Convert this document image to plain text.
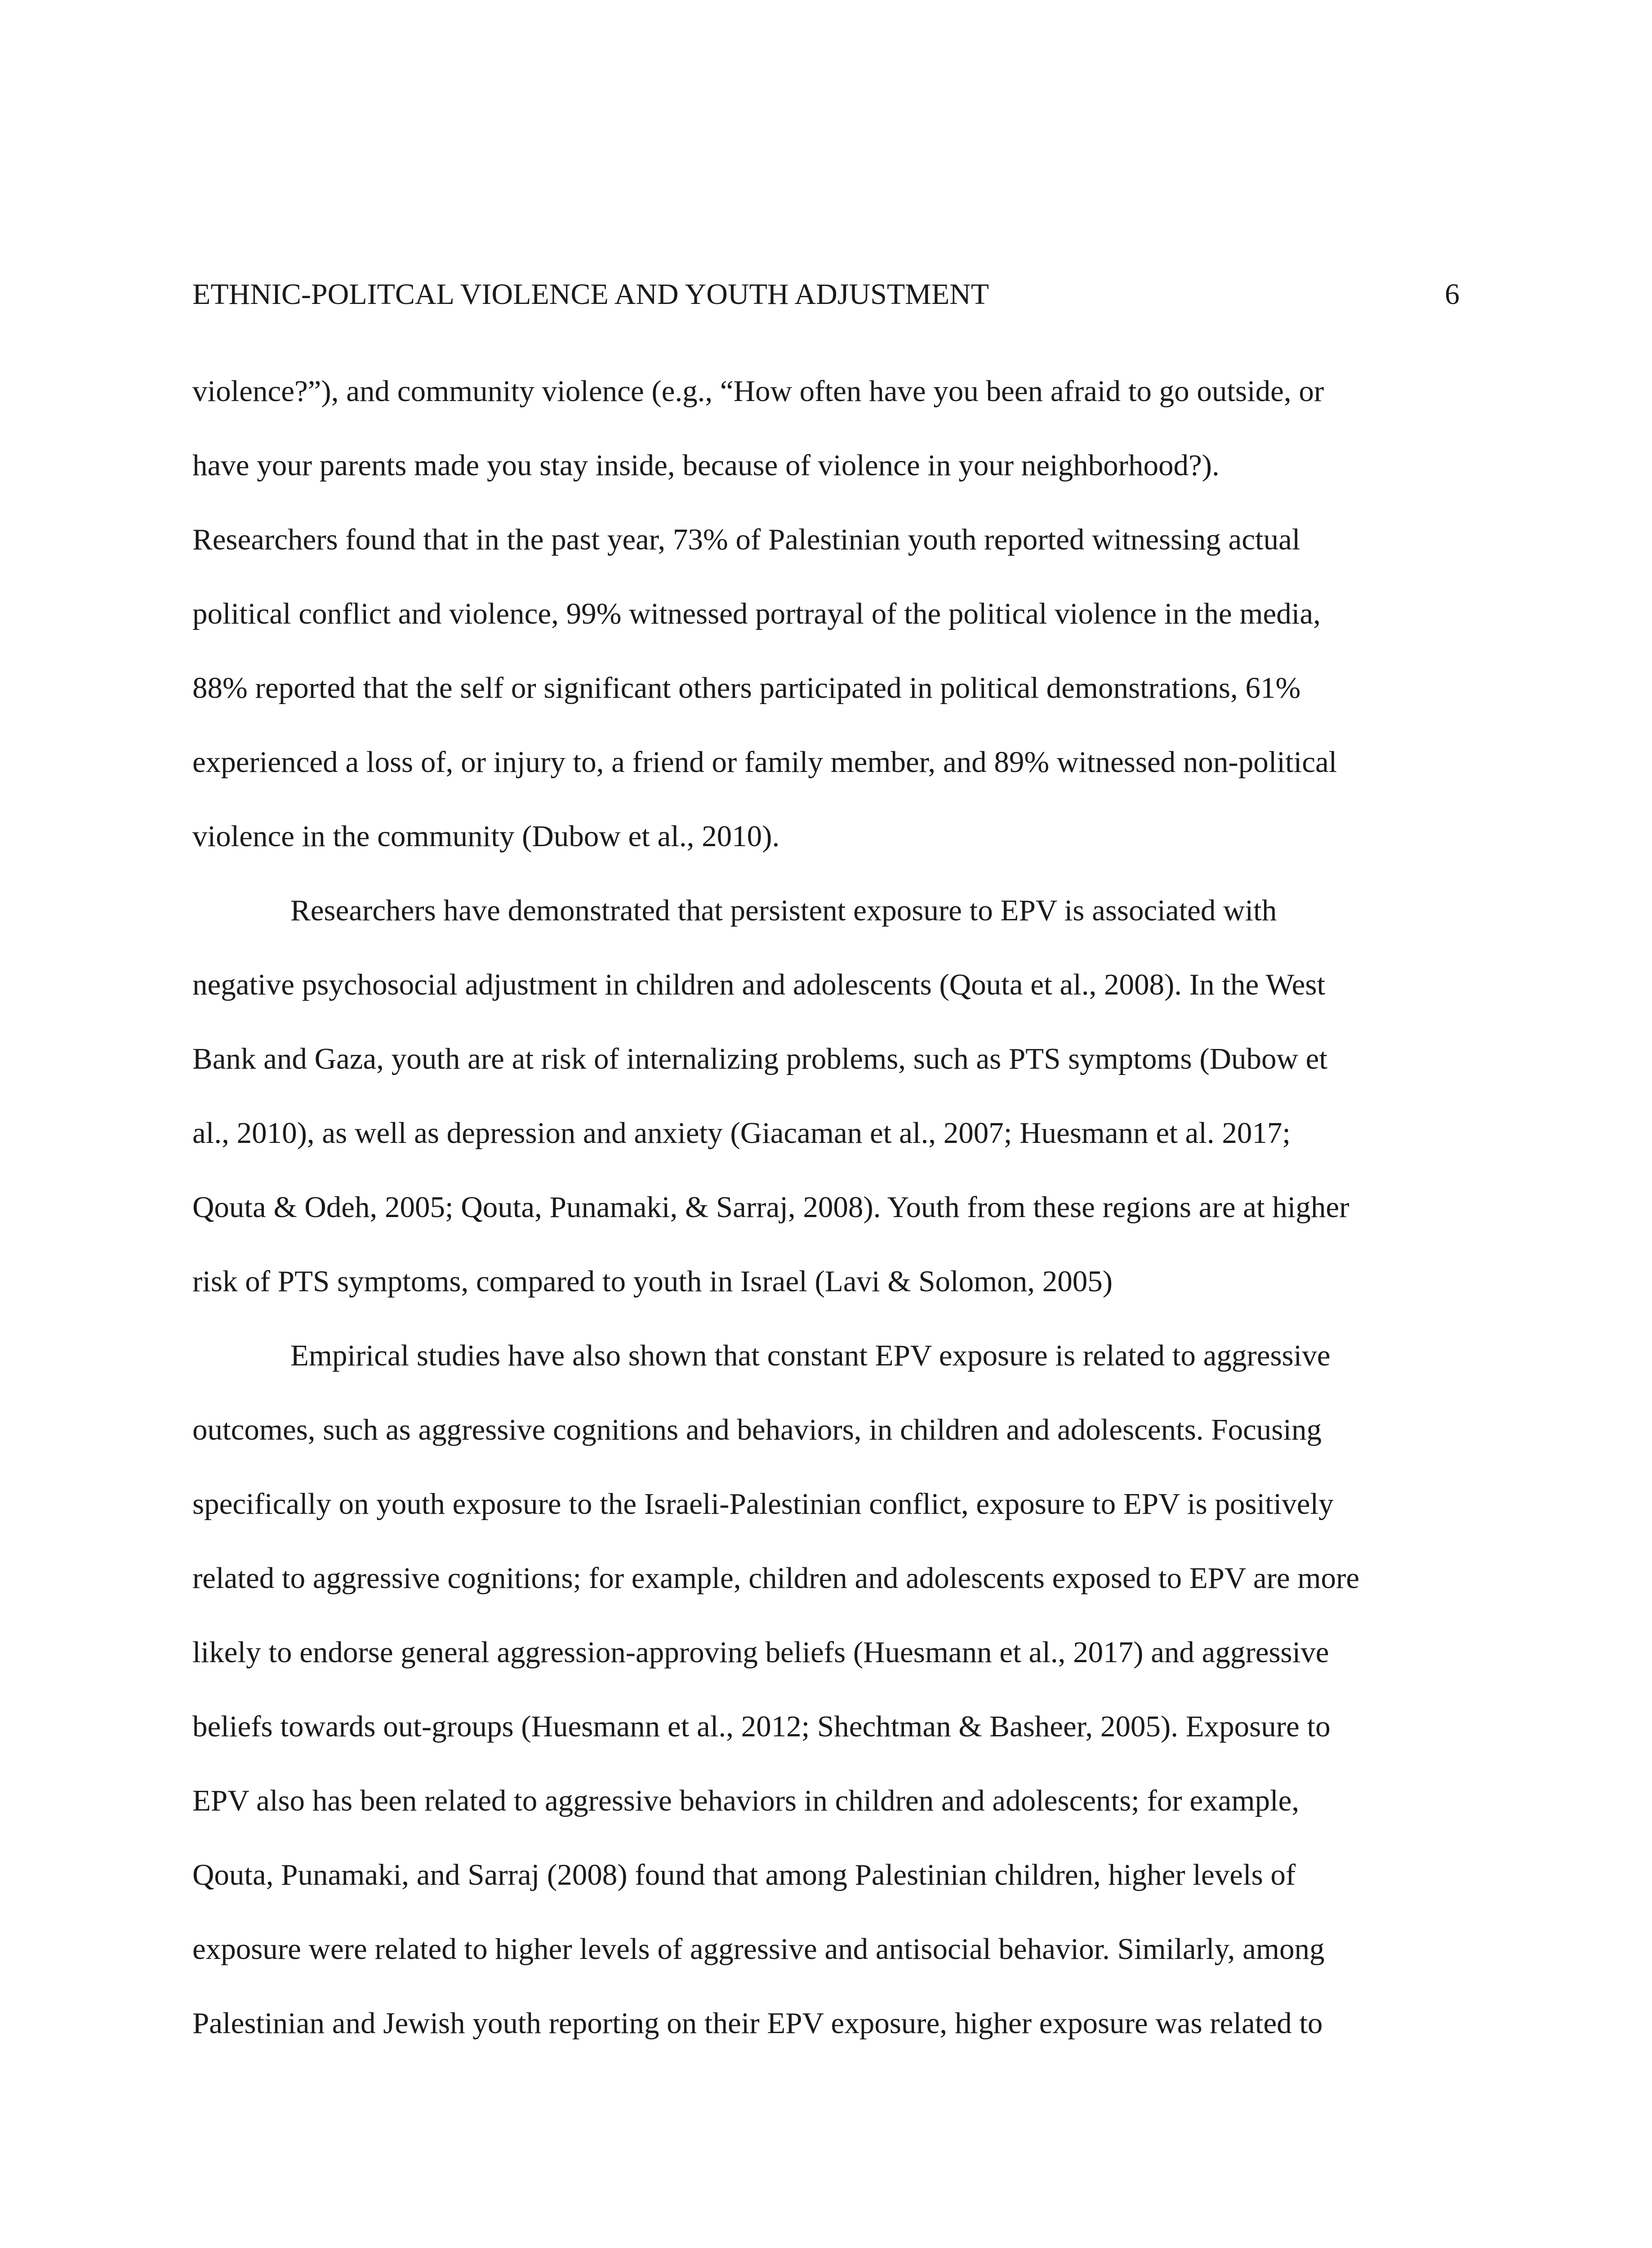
ETHNIC-POLITCAL VIOLENCE AND YOUTH ADJUSTMENT	6
violence?”), and community violence (e.g., “How often have you been afraid to go outside, or
have your parents made you stay inside, because of violence in your neighborhood?).
Researchers found that in the past year, 73% of Palestinian youth reported witnessing actual
political conflict and violence, 99% witnessed portrayal of the political violence in the media,
88% reported that the self or significant others participated in political demonstrations, 61%
experienced a loss of, or injury to, a friend or family member, and 89% witnessed non-political
violence in the community (Dubow et al., 2010).
Researchers have demonstrated that persistent exposure to EPV is associated with
negative psychosocial adjustment in children and adolescents (Qouta et al., 2008). In the West
Bank and Gaza, youth are at risk of internalizing problems, such as PTS symptoms (Dubow et
al., 2010), as well as depression and anxiety (Giacaman et al., 2007; Huesmann et al. 2017;
Qouta & Odeh, 2005; Qouta, Punamaki, & Sarraj, 2008). Youth from these regions are at higher
risk of PTS symptoms, compared to youth in Israel (Lavi & Solomon, 2005)
Empirical studies have also shown that constant EPV exposure is related to aggressive
outcomes, such as aggressive cognitions and behaviors, in children and adolescents. Focusing
specifically on youth exposure to the Israeli-Palestinian conflict, exposure to EPV is positively
related to aggressive cognitions; for example, children and adolescents exposed to EPV are more
likely to endorse general aggression-approving beliefs (Huesmann et al., 2017) and aggressive
beliefs towards out-groups (Huesmann et al., 2012; Shechtman & Basheer, 2005). Exposure to
EPV also has been related to aggressive behaviors in children and adolescents; for example,
Qouta, Punamaki, and Sarraj (2008) found that among Palestinian children, higher levels of
exposure were related to higher levels of aggressive and antisocial behavior. Similarly, among
Palestinian and Jewish youth reporting on their EPV exposure, higher exposure was related to
